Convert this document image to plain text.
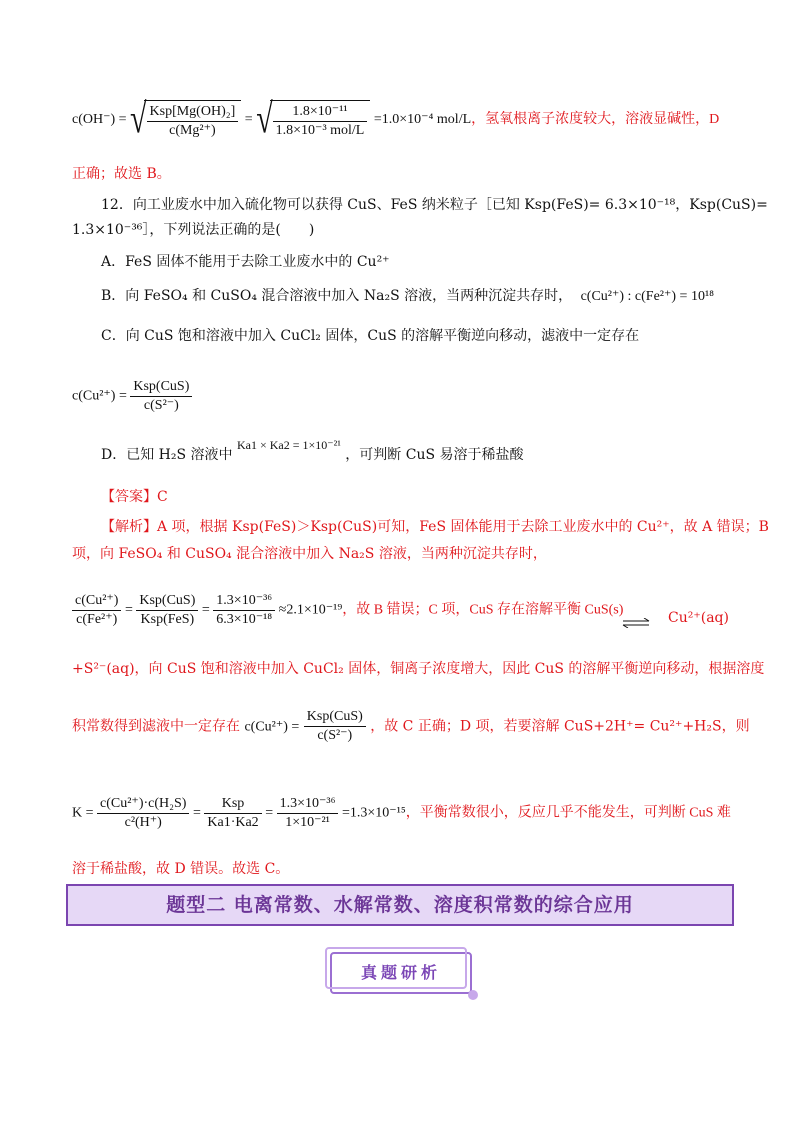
c(OH⁻) = √ $\frac{\text{Ksp[Mg(OH)₂]}}{\text{c(Mg²⁺)}}$ = √ $\frac{\text{1.8×10⁻¹¹}}{\text{1.8×10⁻³ mol/L}} =1.0\times 10^{-4}$ mol/L，氢氧根离子浓度较大，溶液显碱性，D
正确；故选 B。
12．向工业废水中加入硫化物可以获得 CuS、FeS 纳米粒子［已知 Ksp(FeS)= 6.3×10⁻¹⁸，Ksp(CuS)=
1.3×10⁻³⁶］，下列说法正确的是(　　)
A．FeS 固体不能用于去除工业废水中的 Cu²⁺
B．向 FeSO₄ 和 CuSO₄ 混合溶液中加入 Na₂S 溶液，当两种沉淀共存时， c(Cu²⁺) : c(Fe²⁺) = 10¹⁸
C．向 CuS 饱和溶液中加入 CuCl₂ 固体，CuS 的溶解平衡逆向移动，滤液中一定存在
$c(Cu^{2+}) = \frac{\text{Ksp(CuS)}}{\text{c(S²⁻)}}$
D．已知 H₂S 溶液中 Ka1 × Ka2 = 1×10⁻²¹ ，可判断 CuS 易溶于稀盐酸
【答案】C
【解析】A 项，根据 Ksp(FeS)＞Ksp(CuS)可知，FeS 固体能用于去除工业废水中的 Cu²⁺，故 A 错误；B
项，向 FeSO₄ 和 CuSO₄ 混合溶液中加入 Na₂S 溶液，当两种沉淀共存时，
$\frac{\text{c(Cu²⁺)}}{\text{c(Fe²⁺)}} = \frac{\text{Ksp(CuS)}}{\text{Ksp(FeS)}} = \frac{\text{1.3×10⁻³⁶}}{\text{6.3×10⁻¹⁸}} \approx 2.1\times 10^{-19}$，故 B 错误；C 项，CuS 存在溶解平衡 CuS(s) ⇌ Cu²⁺(aq)
+S²⁻(aq)，向 CuS 饱和溶液中加入 CuCl₂ 固体，铜离子浓度增大，因此 CuS 的溶解平衡逆向移动，根据溶度
积常数得到滤液中一定存在 $c(Cu^{2+}) = \frac{\text{Ksp(CuS)}}{\text{c(S²⁻)}}$ ，故 C 正确；D 项，若要溶解 CuS+2H⁺= Cu²⁺+H₂S，则
$K = \frac{\text{c(Cu²⁺)·c(H₂S)}}{\text{c²(H⁺)}} = \frac{\text{Ksp}}{Ka1\cdot Ka2} = \frac{\text{1.3×10⁻³⁶}}{\text{1×10⁻²¹}} =1.3\times 10^{-15}$，平衡常数很小，反应几乎不能发生，可判断 CuS 难
溶于稀盐酸，故 D 错误。故选 C。
题型二 电离常数、水解常数、溶度积常数的综合应用
真题研析
